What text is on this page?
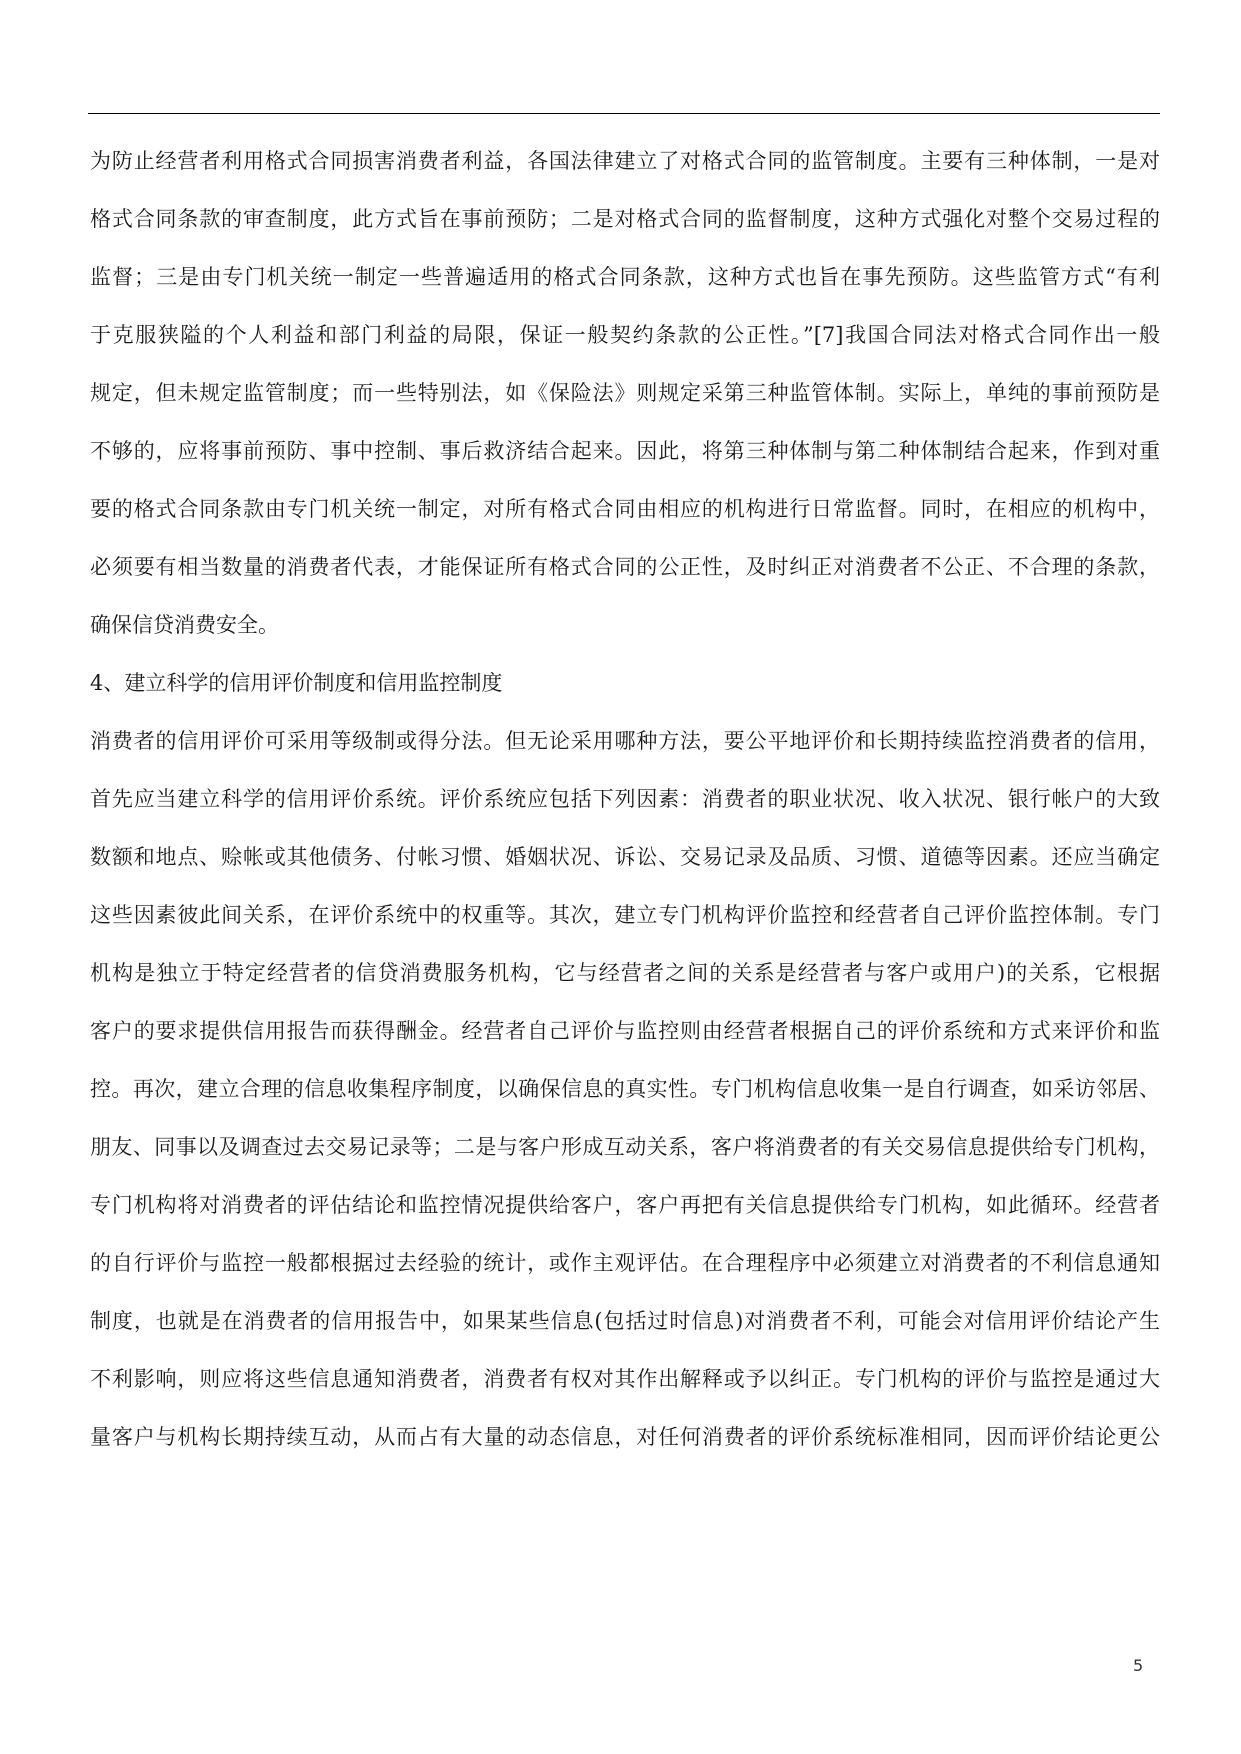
为防止经营者利用格式合同损害消费者利益，各国法律建立了对格式合同的监管制度。主要有三种体制，一是对

格式合同条款的审查制度，此方式旨在事前预防；二是对格式合同的监督制度，这种方式强化对整个交易过程的

监督；三是由专门机关统一制定一些普遍适用的格式合同条款，这种方式也旨在事先预防。这些监管方式“有利

于克服狭隘的个人利益和部门利益的局限，保证一般契约条款的公正性。”[7]我国合同法对格式合同作出一般

规定，但未规定监管制度；而一些特别法，如《保险法》则规定采第三种监管体制。实际上，单纯的事前预防是

不够的，应将事前预防、事中控制、事后救济结合起来。因此，将第三种体制与第二种体制结合起来，作到对重

要的格式合同条款由专门机关统一制定，对所有格式合同由相应的机构进行日常监督。同时，在相应的机构中，

必须要有相当数量的消费者代表，才能保证所有格式合同的公正性，及时纠正对消费者不公正、不合理的条款，

确保信贷消费安全。

4、建立科学的信用评价制度和信用监控制度

消费者的信用评价可采用等级制或得分法。但无论采用哪种方法，要公平地评价和长期持续监控消费者的信用，

首先应当建立科学的信用评价系统。评价系统应包括下列因素：消费者的职业状况、收入状况、银行帐户的大致

数额和地点、赊帐或其他债务、付帐习惯、婚姻状况、诉讼、交易记录及品质、习惯、道德等因素。还应当确定

这些因素彼此间关系，在评价系统中的权重等。其次，建立专门机构评价监控和经营者自己评价监控体制。专门

机构是独立于特定经营者的信贷消费服务机构，它与经营者之间的关系是经营者与客户或用户)的关系，它根据

客户的要求提供信用报告而获得酬金。经营者自己评价与监控则由经营者根据自己的评价系统和方式来评价和监

控。再次，建立合理的信息收集程序制度，以确保信息的真实性。专门机构信息收集一是自行调查，如采访邻居、

朋友、同事以及调查过去交易记录等；二是与客户形成互动关系，客户将消费者的有关交易信息提供给专门机构，

专门机构将对消费者的评估结论和监控情况提供给客户，客户再把有关信息提供给专门机构，如此循环。经营者

的自行评价与监控一般都根据过去经验的统计，或作主观评估。在合理程序中必须建立对消费者的不利信息通知

制度，也就是在消费者的信用报告中，如果某些信息(包括过时信息)对消费者不利，可能会对信用评价结论产生

不利影响，则应将这些信息通知消费者，消费者有权对其作出解释或予以纠正。专门机构的评价与监控是通过大

量客户与机构长期持续互动，从而占有大量的动态信息，对任何消费者的评价系统标准相同，因而评价结论更公

5
